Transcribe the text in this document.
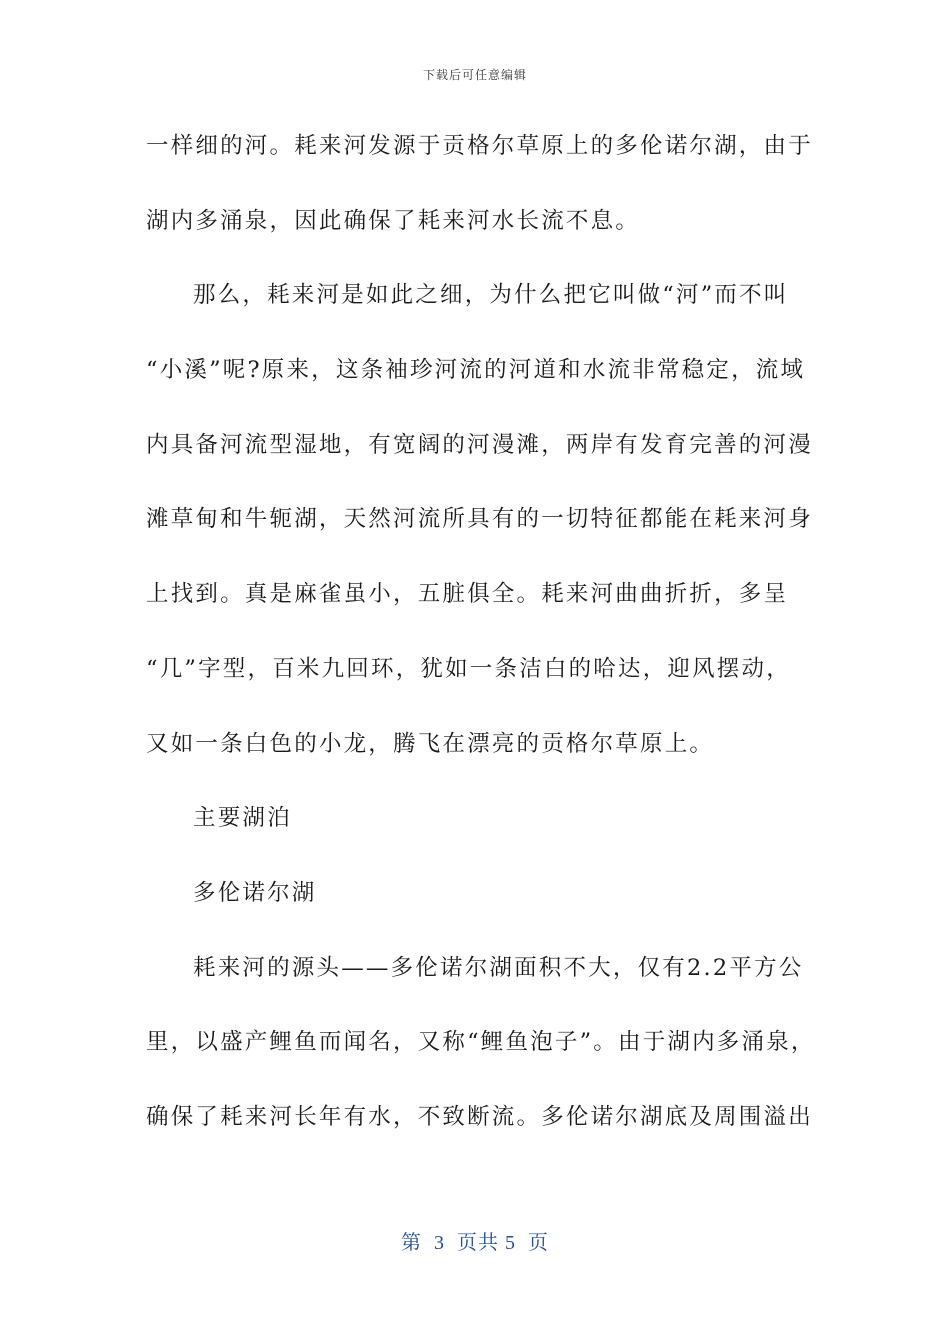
下载后可任意编辑
一样细的河。耗来河发源于贡格尔草原上的多伦诺尔湖，由于
湖内多涌泉，因此确保了耗来河水长流不息。
那么，耗来河是如此之细，为什么把它叫做“河”而不叫
“小溪”呢?原来，这条袖珍河流的河道和水流非常稳定，流域
内具备河流型湿地，有宽阔的河漫滩，两岸有发育完善的河漫
滩草甸和牛轭湖，天然河流所具有的一切特征都能在耗来河身
上找到。真是麻雀虽小，五脏俱全。耗来河曲曲折折，多呈
“几”字型，百米九回环，犹如一条洁白的哈达，迎风摆动，
又如一条白色的小龙，腾飞在漂亮的贡格尔草原上。
主要湖泊
多伦诺尔湖
耗来河的源头——多伦诺尔湖面积不大，仅有2.2平方公
里，以盛产鲤鱼而闻名，又称“鲤鱼泡子”。由于湖内多涌泉，
确保了耗来河长年有水，不致断流。多伦诺尔湖底及周围溢出
第  3  页共 5  页
